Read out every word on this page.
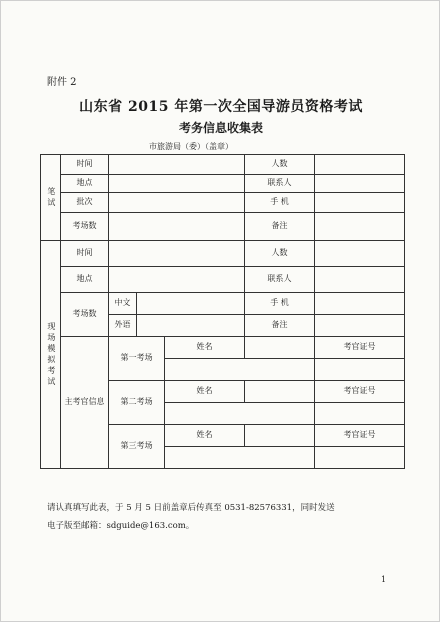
附件 2
山东省 2015 年第一次全国导游员资格考试
考务信息收集表
市旅游局（委）（盖章）
笔试	时间				人数	
	地点				联系人	
	批次				手 机	
	考场数				备注	

现场模拟考试	时间				人数	
	地点				联系人	
	考场数	中文			手 机	
		外语			备注	
	主考官信息	第一考场		姓名		考官证号

		第二考场		姓名		考官证号

		第三考场		姓名		考官证号

请认真填写此表，于 5 月 5 日前盖章后传真至 0531-82576331，同时发送
电子版至邮箱：sdguide@163.com。
1
